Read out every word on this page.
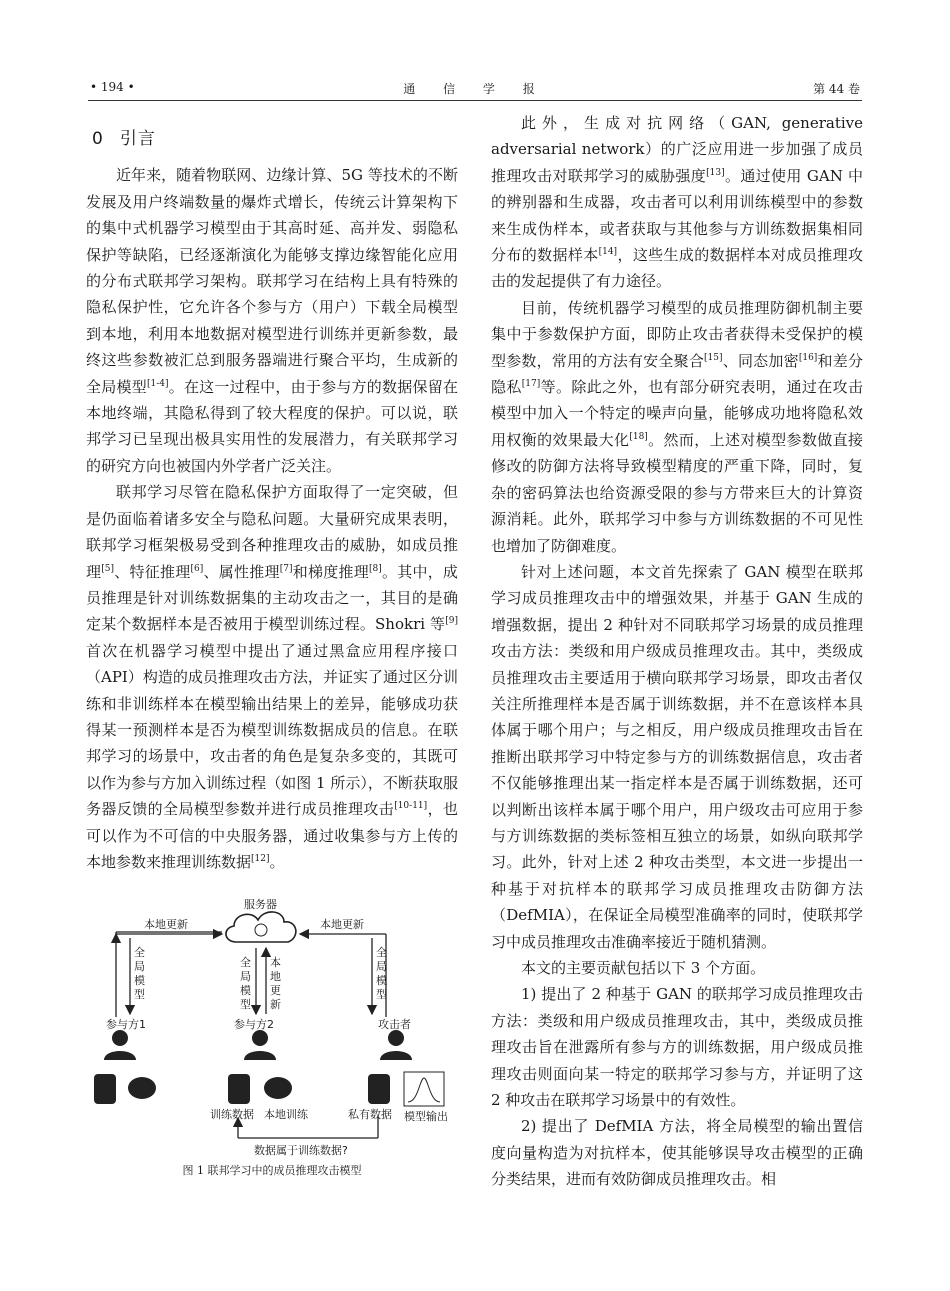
• 194 •	通 信 学 报	第 44 卷
0 引言

近年来，随着物联网、边缘计算、5G 等技术的不断发展及用户终端数量的爆炸式增长，传统云计算架构下的集中式机器学习模型由于其高时延、高并发、弱隐私保护等缺陷，已经逐渐演化为能够支撑边缘智能化应用的分布式联邦学习架构。联邦学习在结构上具有特殊的隐私保护性，它允许各个参与方（用户）下载全局模型到本地，利用本地数据对模型进行训练并更新参数，最终这些参数被汇总到服务器端进行聚合平均，生成新的全局模型[1-4]。在这一过程中，由于参与方的数据保留在本地终端，其隐私得到了较大程度的保护。可以说，联邦学习已呈现出极具实用性的发展潜力，有关联邦学习的研究方向也被国内外学者广泛关注。

联邦学习尽管在隐私保护方面取得了一定突破，但是仍面临着诸多安全与隐私问题。大量研究成果表明，联邦学习框架极易受到各种推理攻击的威胁，如成员推理[5]、特征推理[6]、属性推理[7]和梯度推理[8]。其中，成员推理是针对训练数据集的主动攻击之一，其目的是确定某个数据样本是否被用于模型训练过程。Shokri 等[9]首次在机器学习模型中提出了通过黑盒应用程序接口（API）构造的成员推理攻击方法，并证实了通过区分训练和非训练样本在模型输出结果上的差异，能够成功获得某一预测样本是否为模型训练数据成员的信息。在联邦学习的场景中，攻击者的角色是复杂多变的，其既可以作为参与方加入训练过程（如图 1 所示），不断获取服务器反馈的全局模型参数并进行成员推理攻击[10-11]，也可以作为不可信的中央服务器，通过收集参与方上传的本地参数来推理训练数据[12]。

此外，生成对抗网络（GAN, generative adversarial network）的广泛应用进一步加强了成员推理攻击对联邦学习的威胁强度[13]。通过使用 GAN 中的辨别器和生成器，攻击者可以利用训练模型中的参数来生成伪样本，或者获取与其他参与方训练数据集相同分布的数据样本[14]，这些生成的数据样本对成员推理攻击的发起提供了有力途径。

目前，传统机器学习模型的成员推理防御机制主要集中于参数保护方面，即防止攻击者获得未受保护的模型参数，常用的方法有安全聚合[15]、同态加密[16]和差分隐私[17]等。除此之外，也有部分研究表明，通过在攻击模型中加入一个特定的噪声向量，能够成功地将隐私效用权衡的效果最大化[18]。然而，上述对模型参数做直接修改的防御方法将导致模型精度的严重下降，同时，复杂的密码算法也给资源受限的参与方带来巨大的计算资源消耗。此外，联邦学习中参与方训练数据的不可见性也增加了防御难度。

针对上述问题，本文首先探索了 GAN 模型在联邦学习成员推理攻击中的增强效果，并基于 GAN 生成的增强数据，提出 2 种针对不同联邦学习场景的成员推理攻击方法：类级和用户级成员推理攻击。其中，类级成员推理攻击主要适用于横向联邦学习场景，即攻击者仅关注所推理样本是否属于训练数据，并不在意该样本具体属于哪个用户；与之相反，用户级成员推理攻击旨在推断出联邦学习中特定参与方的训练数据信息，攻击者不仅能够推理出某一指定样本是否属于训练数据，还可以判断出该样本属于哪个用户，用户级攻击可应用于参与方训练数据的类标签相互独立的场景，如纵向联邦学习。此外，针对上述 2 种攻击类型，本文进一步提出一种基于对抗样本的联邦学习成员推理攻击防御方法（DefMIA），在保证全局模型准确率的同时，使联邦学习中成员推理攻击准确率接近于随机猜测。

本文的主要贡献包括以下 3 个方面。

1) 提出了 2 种基于 GAN 的联邦学习成员推理攻击方法：类级和用户级成员推理攻击，其中，类级成员推理攻击旨在泄露所有参与方的训练数据，用户级成员推理攻击则面向某一特定的联邦学习参与方，并证明了这 2 种攻击在联邦学习场景中的有效性。

2) 提出了 DefMIA 方法，将全局模型的输出置信度向量构造为对抗样本，使其能够误导攻击模型的正确分类结果，进而有效防御成员推理攻击。相

服务器
本地更新	本地更新
全局模型
全局模型
本地更新
全局模型
参与方1	参与方2	攻击者
训练数据 本地训练	私有数据 模型输出
数据属于训练数据?
图 1 联邦学习中的成员推理攻击模型
